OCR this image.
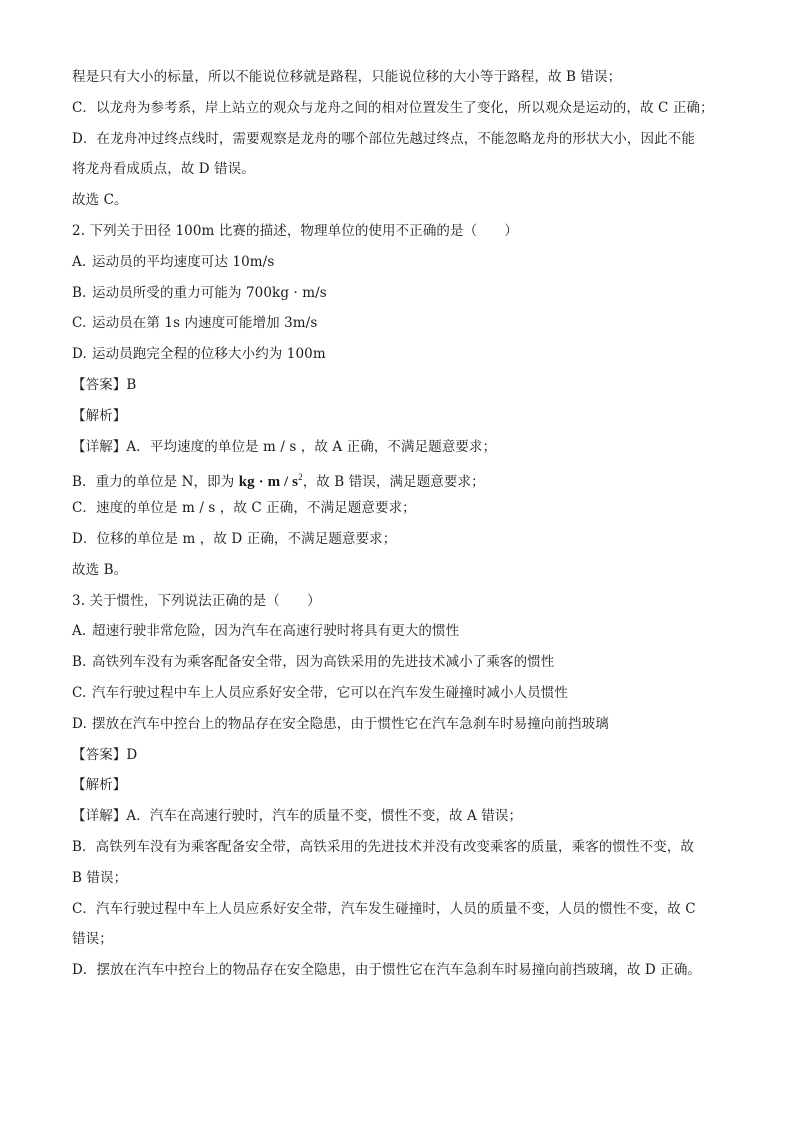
程是只有大小的标量，所以不能说位移就是路程，只能说位移的大小等于路程，故 B 错误；
C．以龙舟为参考系，岸上站立的观众与龙舟之间的相对位置发生了变化，所以观众是运动的，故 C 正确；
D．在龙舟冲过终点线时，需要观察是龙舟的哪个部位先越过终点，不能忽略龙舟的形状大小，因此不能
将龙舟看成质点，故 D 错误。
故选 C。
2. 下列关于田径 100m 比赛的描述，物理单位的使用不正确的是（　　）
A. 运动员的平均速度可达 10m/s
B. 运动员所受的重力可能为 700kg · m/s
C. 运动员在第 1s 内速度可能增加 3m/s
D. 运动员跑完全程的位移大小约为 100m
【答案】B
【解析】
【详解】A．平均速度的单位是 m / s ，故 A 正确，不满足题意要求；
B．重力的单位是 N，即为 kg · m / $s^2$，故 B 错误，满足题意要求；
C．速度的单位是 m / s ，故 C 正确，不满足题意要求；
D．位移的单位是 m ，故 D 正确，不满足题意要求；
故选 B。
3. 关于惯性，下列说法正确的是（　　）
A. 超速行驶非常危险，因为汽车在高速行驶时将具有更大的惯性
B. 高铁列车没有为乘客配备安全带，因为高铁采用的先进技术减小了乘客的惯性
C. 汽车行驶过程中车上人员应系好安全带，它可以在汽车发生碰撞时减小人员惯性
D. 摆放在汽车中控台上的物品存在安全隐患，由于惯性它在汽车急刹车时易撞向前挡玻璃
【答案】D
【解析】
【详解】A．汽车在高速行驶时，汽车的质量不变，惯性不变，故 A 错误；
B．高铁列车没有为乘客配备安全带，高铁采用的先进技术并没有改变乘客的质量，乘客的惯性不变，故
B 错误；
C．汽车行驶过程中车上人员应系好安全带，汽车发生碰撞时，人员的质量不变，人员的惯性不变，故 C
错误；
D．摆放在汽车中控台上的物品存在安全隐患，由于惯性它在汽车急刹车时易撞向前挡玻璃，故 D 正确。
